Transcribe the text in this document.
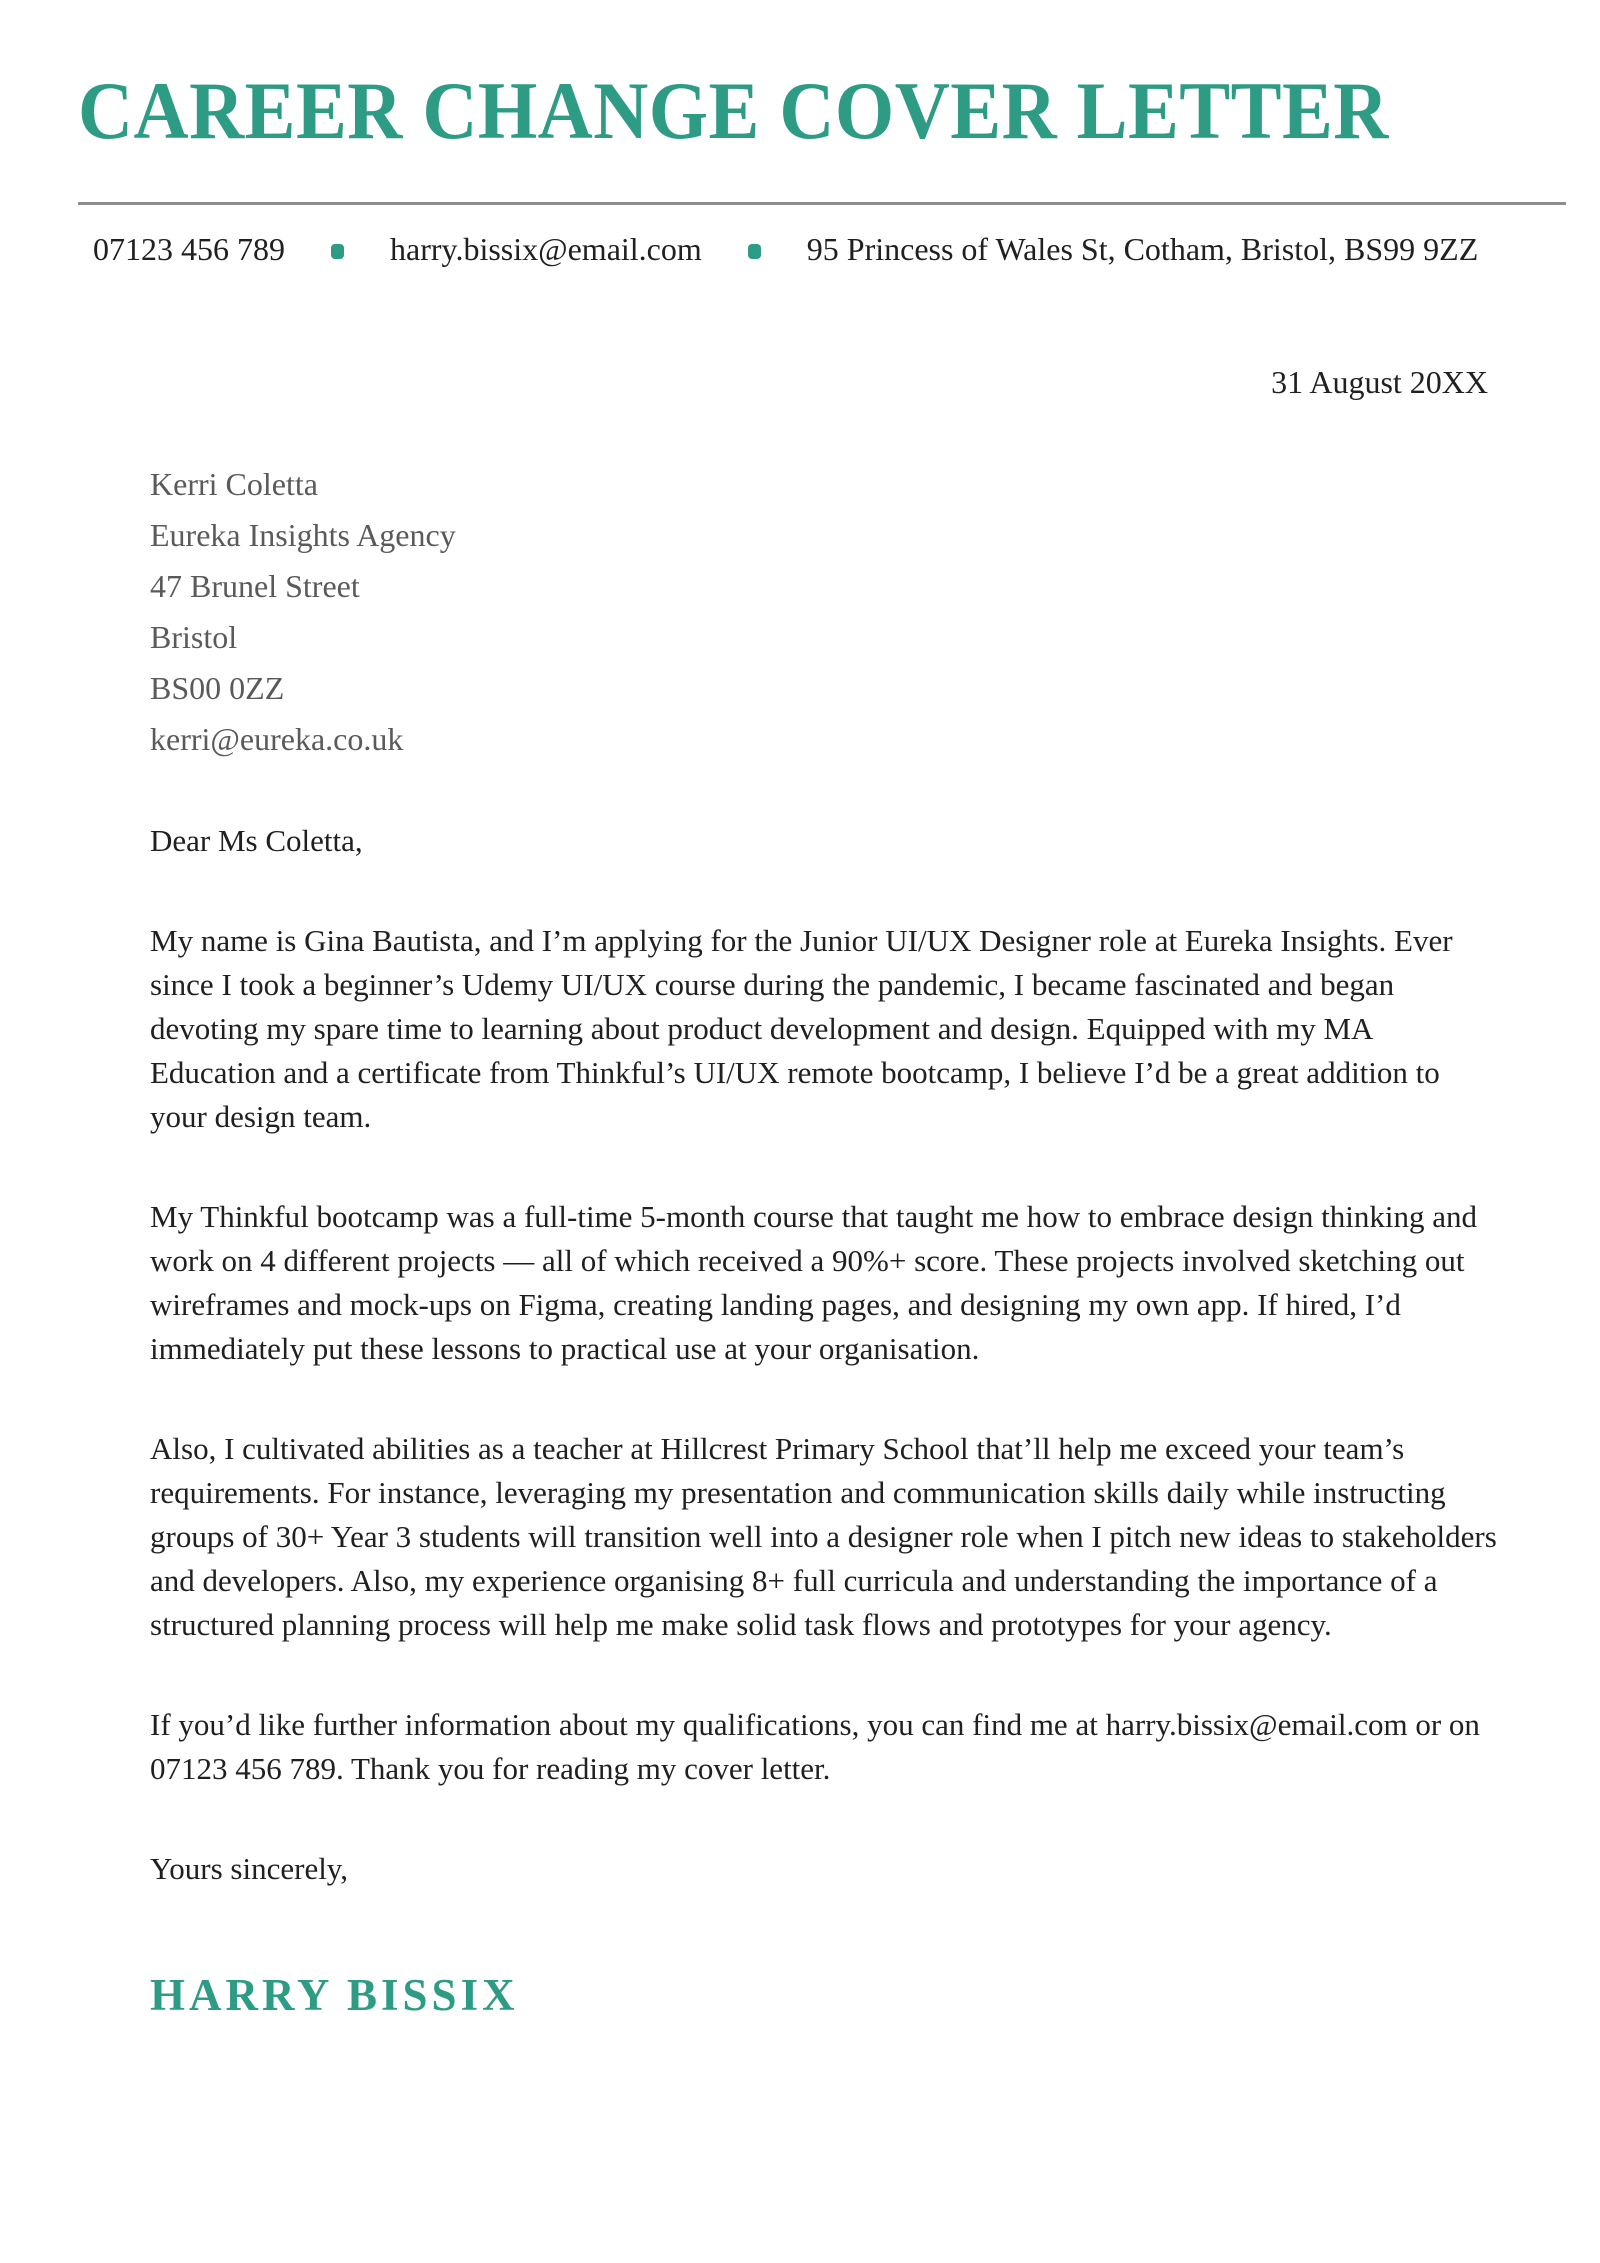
CAREER CHANGE COVER LETTER
07123 456 789	harry.bissix@email.com	95 Princess of Wales St, Cotham, Bristol, BS99 9ZZ
31 August 20XX
Kerri Coletta
Eureka Insights Agency
47 Brunel Street
Bristol
BS00 0ZZ
kerri@eureka.co.uk
Dear Ms Coletta,

My name is Gina Bautista, and I’m applying for the Junior UI/UX Designer role at Eureka Insights. Ever since I took a beginner’s Udemy UI/UX course during the pandemic, I became fascinated and began devoting my spare time to learning about product development and design. Equipped with my MA Education and a certificate from Thinkful’s UI/UX remote bootcamp, I believe I’d be a great addition to your design team.

My Thinkful bootcamp was a full-time 5-month course that taught me how to embrace design thinking and work on 4 different projects — all of which received a 90%+ score. These projects involved sketching out wireframes and mock-ups on Figma, creating landing pages, and designing my own app. If hired, I’d immediately put these lessons to practical use at your organisation.

Also, I cultivated abilities as a teacher at Hillcrest Primary School that’ll help me exceed your team’s requirements. For instance, leveraging my presentation and communication skills daily while instructing groups of 30+ Year 3 students will transition well into a designer role when I pitch new ideas to stakeholders and developers. Also, my experience organising 8+ full curricula and understanding the importance of a structured planning process will help me make solid task flows and prototypes for your agency.

If you’d like further information about my qualifications, you can find me at harry.bissix@email.com or on 07123 456 789. Thank you for reading my cover letter.

Yours sincerely,
HARRY BISSIX
